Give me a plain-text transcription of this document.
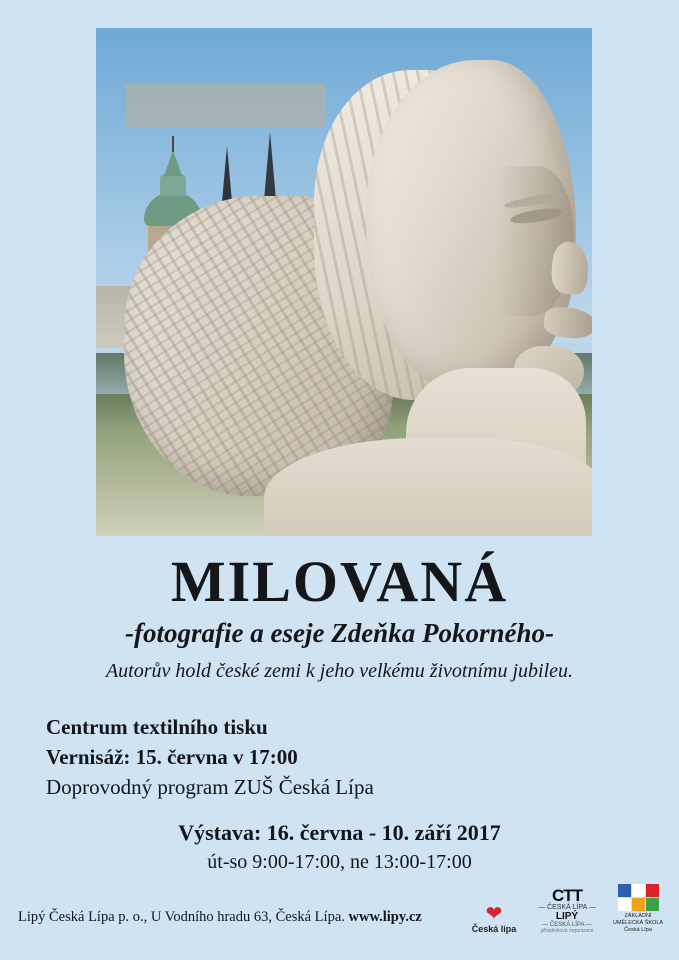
MILOVANÁ
-fotografie a eseje Zdeňka Pokorného-
Autorův hold české zemi k jeho velkému životnímu jubileu.
Centrum textilního tisku
Vernisáž: 15. června v 17:00
Doprovodný program ZUŠ Česká Lípa
Výstava: 16. června - 10. září 2017
út-so 9:00-17:00, ne 13:00-17:00
Lipý Česká Lípa p. o., U Vodního hradu 63, Česká Lípa. www.lipy.cz	❤
Česká lípa
CTT
— ČESKÁ LÍPA —
LIPÝ
— ČESKÁ LÍPA —
příspěvková organizace
ZÁKLADNÍ UMĚLECKÁ ŠKOLA Česká Lípa
